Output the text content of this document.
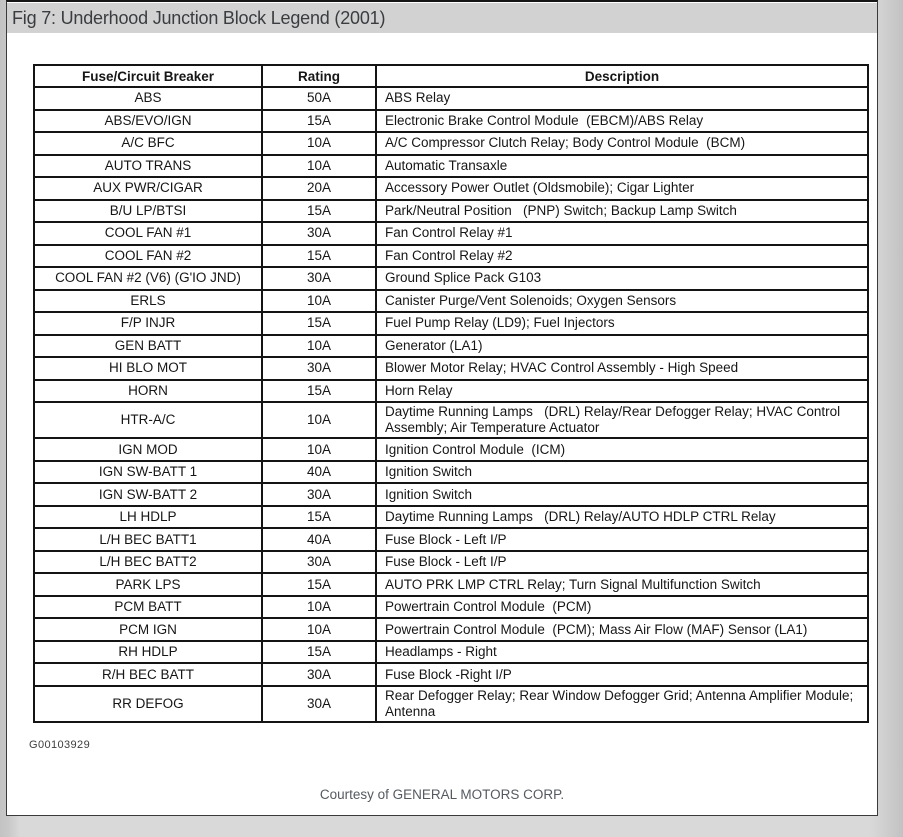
Fig 7: Underhood Junction Block Legend (2001)
Fuse/Circuit Breaker	Rating	Description
ABS	50A	ABS Relay
ABS/EVO/IGN	15A	Electronic Brake Control Module  (EBCM)/ABS Relay
A/C BFC	10A	A/C Compressor Clutch Relay; Body Control Module  (BCM)
AUTO TRANS	10A	Automatic Transaxle
AUX PWR/CIGAR	20A	Accessory Power Outlet (Oldsmobile); Cigar Lighter
B/U LP/BTSI	15A	Park/Neutral Position   (PNP) Switch; Backup Lamp Switch
COOL FAN #1	30A	Fan Control Relay #1
COOL FAN #2	15A	Fan Control Relay #2
COOL FAN #2 (V6) (G'IO JND)	30A	Ground Splice Pack G103
ERLS	10A	Canister Purge/Vent Solenoids; Oxygen Sensors
F/P INJR	15A	Fuel Pump Relay (LD9); Fuel Injectors
GEN BATT	10A	Generator (LA1)
HI BLO MOT	30A	Blower Motor Relay; HVAC Control Assembly - High Speed
HORN	15A	Horn Relay
HTR-A/C	10A	Daytime Running Lamps   (DRL) Relay/Rear Defogger Relay; HVAC Control Assembly; Air Temperature Actuator
IGN MOD	10A	Ignition Control Module  (ICM)
IGN SW-BATT 1	40A	Ignition Switch
IGN SW-BATT 2	30A	Ignition Switch
LH HDLP	15A	Daytime Running Lamps   (DRL) Relay/AUTO HDLP CTRL Relay
L/H BEC BATT1	40A	Fuse Block - Left I/P
L/H BEC BATT2	30A	Fuse Block - Left I/P
PARK LPS	15A	AUTO PRK LMP CTRL Relay; Turn Signal Multifunction Switch
PCM BATT	10A	Powertrain Control Module  (PCM)
PCM IGN	10A	Powertrain Control Module  (PCM); Mass Air Flow (MAF) Sensor (LA1)
RH HDLP	15A	Headlamps - Right
R/H BEC BATT	30A	Fuse Block -Right I/P
RR DEFOG	30A	Rear Defogger Relay; Rear Window Defogger Grid; Antenna Amplifier Module; Antenna
G00103929
Courtesy of GENERAL MOTORS CORP.
